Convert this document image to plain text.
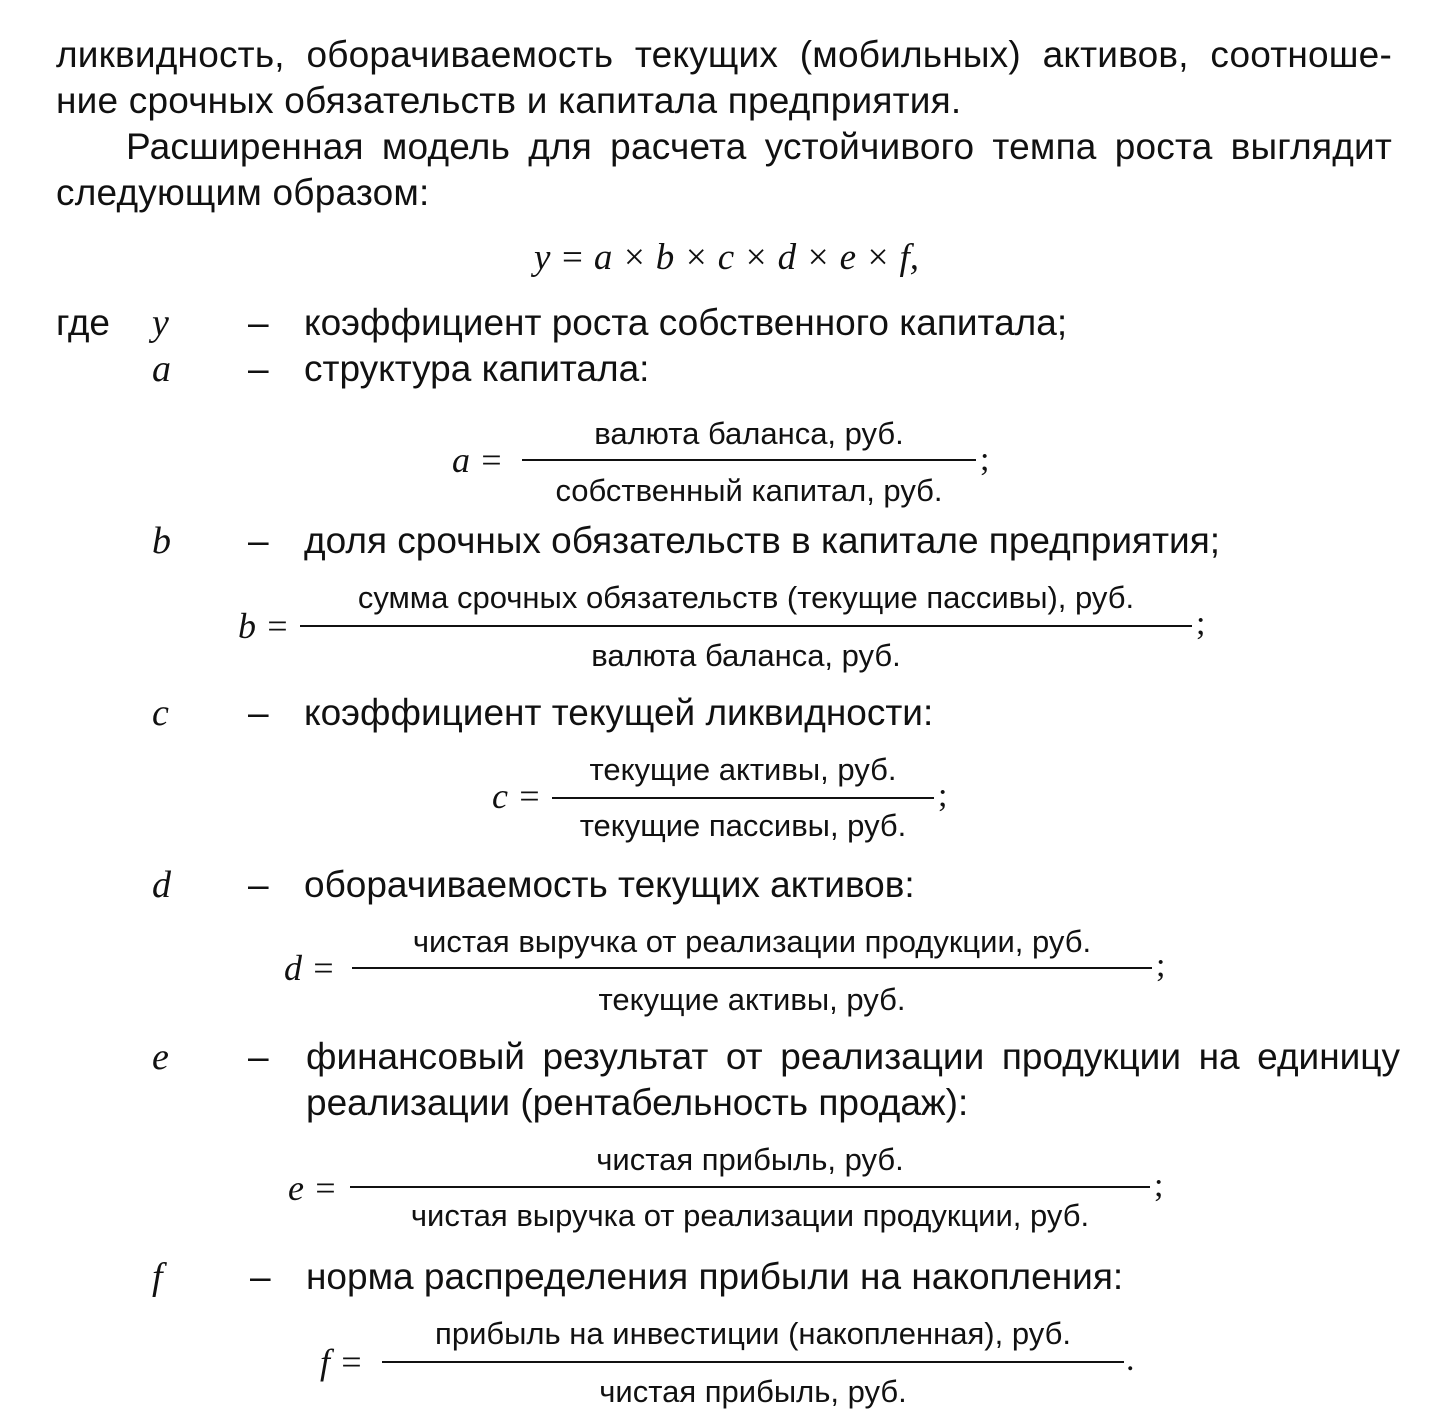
ликвидность, оборачиваемость текущих (мобильных) активов, соотноше-
ние срочных обязательств и капитала предприятия.
Расширенная модель для расчета устойчивого темпа роста выглядит
следующим образом:
y = a × b × c × d × e × f,
где y – коэффициент роста собственного капитала;
a – структура капитала:
a =
валюта баланса, руб.
собственный капитал, руб.
;
b – доля срочных обязательств в капитале предприятия;
b =
сумма срочных обязательств (текущие пассивы), руб.
валюта баланса, руб.
;
c – коэффициент текущей ликвидности:
c =
текущие активы, руб.
текущие пассивы, руб.
;
d – оборачиваемость текущих активов:
d =
чистая выручка от реализации продукции, руб.
текущие активы, руб.
;
e – финансовый результат от реализации продукции на единицу
реализации (рентабельность продаж):
e =
чистая прибыль, руб.
чистая выручка от реализации продукции, руб.
;
f – норма распределения прибыли на накопления:
f =
прибыль на инвестиции (накопленная), руб.
чистая прибыль, руб.
.
